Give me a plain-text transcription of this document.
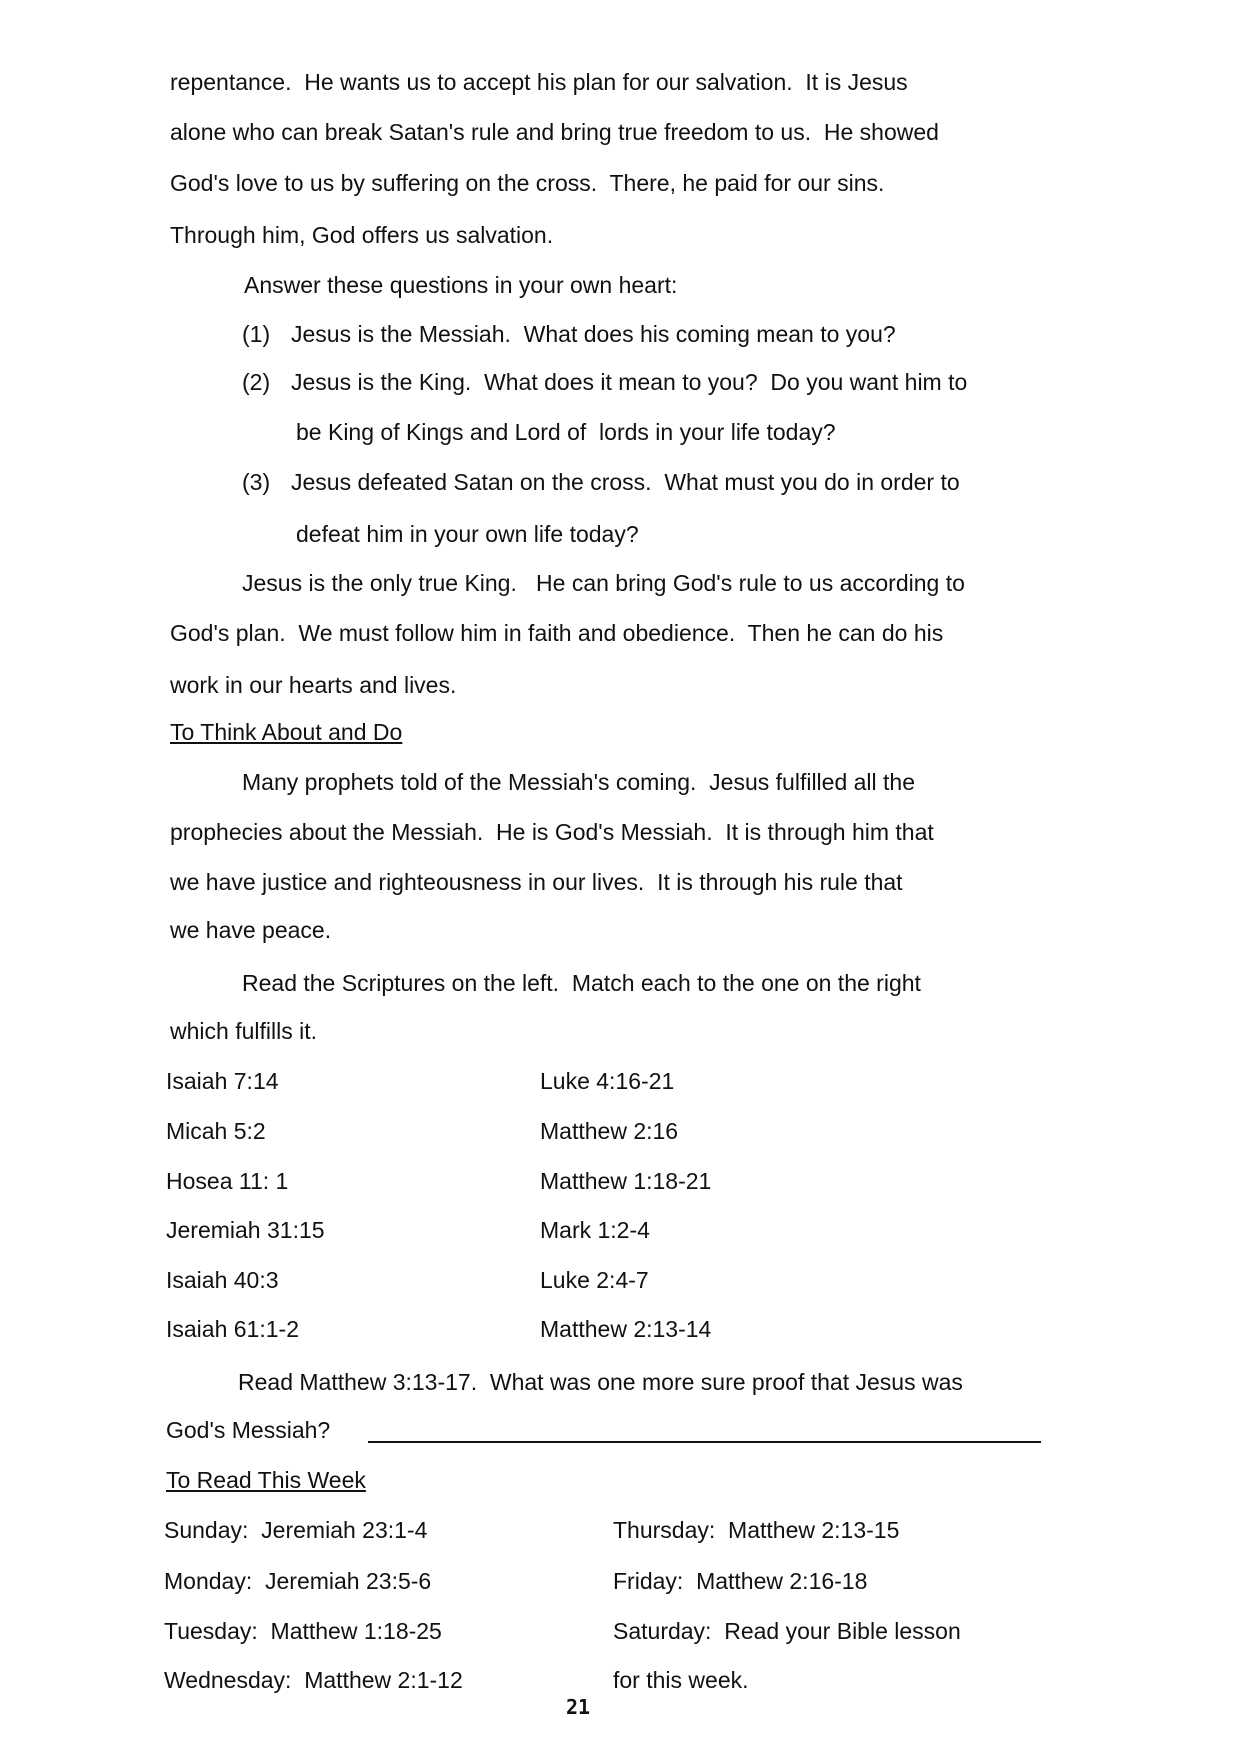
repentance.  He wants us to accept his plan for our salvation.  It is Jesus
alone who can break Satan's rule and bring true freedom to us.  He showed
God's love to us by suffering on the cross.  There, he paid for our sins.
Through him, God offers us salvation.
Answer these questions in your own heart:
(1) Jesus is the Messiah.  What does his coming mean to you?
(2) Jesus is the King.  What does it mean to you?  Do you want him to
be King of Kings and Lord of  lords in your life today?
(3) Jesus defeated Satan on the cross.  What must you do in order to
defeat him in your own life today?
Jesus is the only true King.   He can bring God's rule to us according to
God's plan.  We must follow him in faith and obedience.  Then he can do his
work in our hearts and lives.
To Think About and Do
Many prophets told of the Messiah's coming.  Jesus fulfilled all the
prophecies about the Messiah.  He is God's Messiah.  It is through him that
we have justice and righteousness in our lives.  It is through his rule that
we have peace.
Read the Scriptures on the left.  Match each to the one on the right
which fulfills it.
Isaiah 7:14
Micah 5:2
Hosea 11: 1
Jeremiah 31:15
Isaiah 40:3
Isaiah 61:1-2
Luke 4:16-21
Matthew 2:16
Matthew 1:18-21
Mark 1:2-4
Luke 2:4-7
Matthew 2:13-14
Read Matthew 3:13-17.  What was one more sure proof that Jesus was
God's Messiah?
To Read This Week
Sunday:  Jeremiah 23:1-4
Monday:  Jeremiah 23:5-6
Tuesday:  Matthew 1:18-25
Wednesday:  Matthew 2:1-12
Thursday:  Matthew 2:13-15
Friday:  Matthew 2:16-18
Saturday:  Read your Bible lesson
for this week.
21
